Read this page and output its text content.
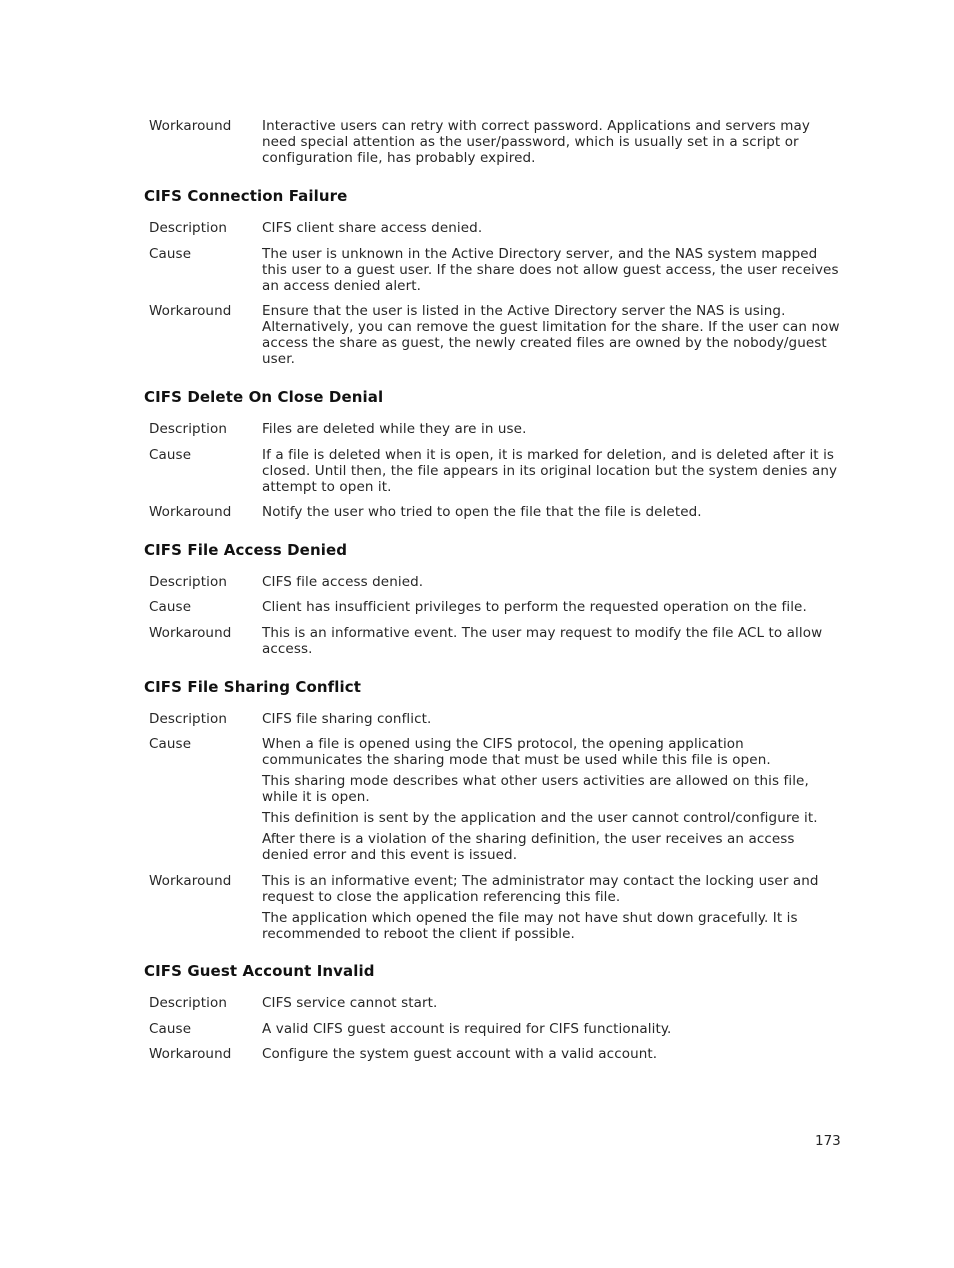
Workaround	Interactive users can retry with correct password. Applications and servers may need special attention as the user/password, which is usually set in a script or configuration file, has probably expired.

CIFS Connection Failure
CIFS Delete On Close Denial
CIFS File Access Denied
CIFS File Sharing Conflict
CIFS Guest Account Invalid
Description	CIFS client share access denied.

Cause	The user is unknown in the Active Directory server, and the NAS system mapped this user to a guest user. If the share does not allow guest access, the user receives an access denied alert.

Workaround	Ensure that the user is listed in the Active Directory server the NAS is using. Alternatively, you can remove the guest limitation for the share. If the user can now access the share as guest, the newly created files are owned by the nobody/guest user.

Description	Files are deleted while they are in use.

Cause	If a file is deleted when it is open, it is marked for deletion, and is deleted after it is closed. Until then, the file appears in its original location but the system denies any attempt to open it.

Workaround	Notify the user who tried to open the file that the file is deleted.

Description	CIFS file access denied.

Cause	Client has insufficient privileges to perform the requested operation on the file.

Workaround	This is an informative event. The user may request to modify the file ACL to allow access.

Description	CIFS file sharing conflict.

Cause	When a file is opened using the CIFS protocol, the opening application communicates the sharing mode that must be used while this file is open.

This sharing mode describes what other users activities are allowed on this file, while it is open.

This definition is sent by the application and the user cannot control/configure it.

After there is a violation of the sharing definition, the user receives an access denied error and this event is issued.

Workaround	This is an informative event; The administrator may contact the locking user and request to close the application referencing this file.

The application which opened the file may not have shut down gracefully. It is recommended to reboot the client if possible.

Description	CIFS service cannot start.

Cause	A valid CIFS guest account is required for CIFS functionality.

Workaround	Configure the system guest account with a valid account.

173
